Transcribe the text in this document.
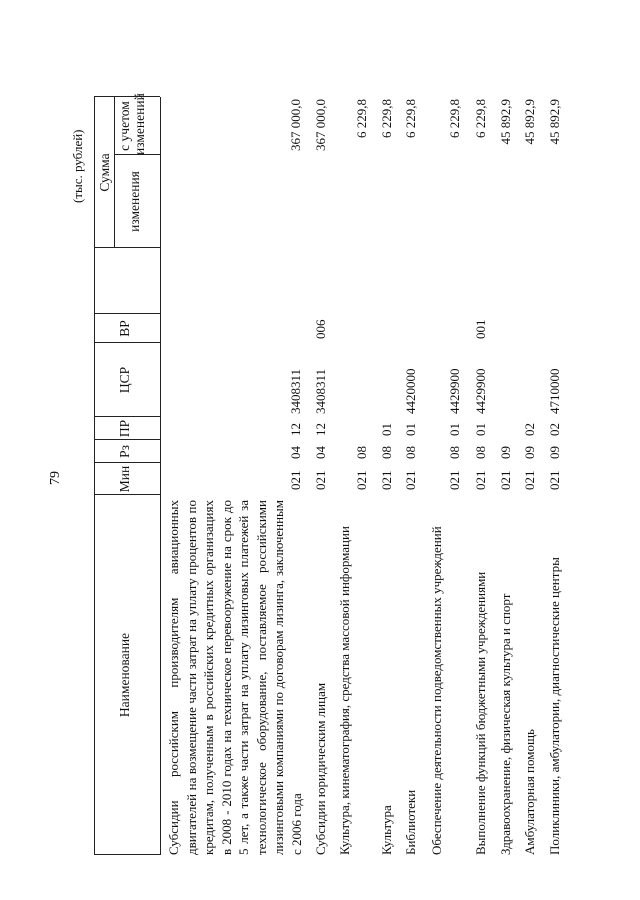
79
(тыс. рублей)
Наименование
Мин
Рз
ПР
ЦСР
ВР
Сумма изменения
с учетом изменений
Субсидии российским производителям авиационных двигателей на возмещение части затрат на уплату процентов по кредитам, полученным в российских кредитных организациях в 2008 - 2010 годах на техническое перевооружение на срок до 5 лет, а также части затрат на уплату лизинговых платежей за технологическое оборудование, поставляемое российскими лизинговыми компаниями по договорам лизинга, заключенным с 2006 года
021
04
12
3408311
367 000,0
Субсидии юридическим лицам
021
04
12
3408311
006
367 000,0
Культура, кинематография, средства массовой информации
021
08
6 229,8
Культура
021
08
01
6 229,8
Библиотеки
021
08
01
4420000
6 229,8
Обеспечение деятельности подведомственных учреждений
021
08
01
4429900
6 229,8
Выполнение функций бюджетными учреждениями
021
08
01
4429900
001
6 229,8
Здравоохранение, физическая культура и спорт
021
09
45 892,9
Амбулаторная помощь
021
09
02
45 892,9
Поликлиники, амбулатории, диагностические центры
021
09
02
4710000
45 892,9
